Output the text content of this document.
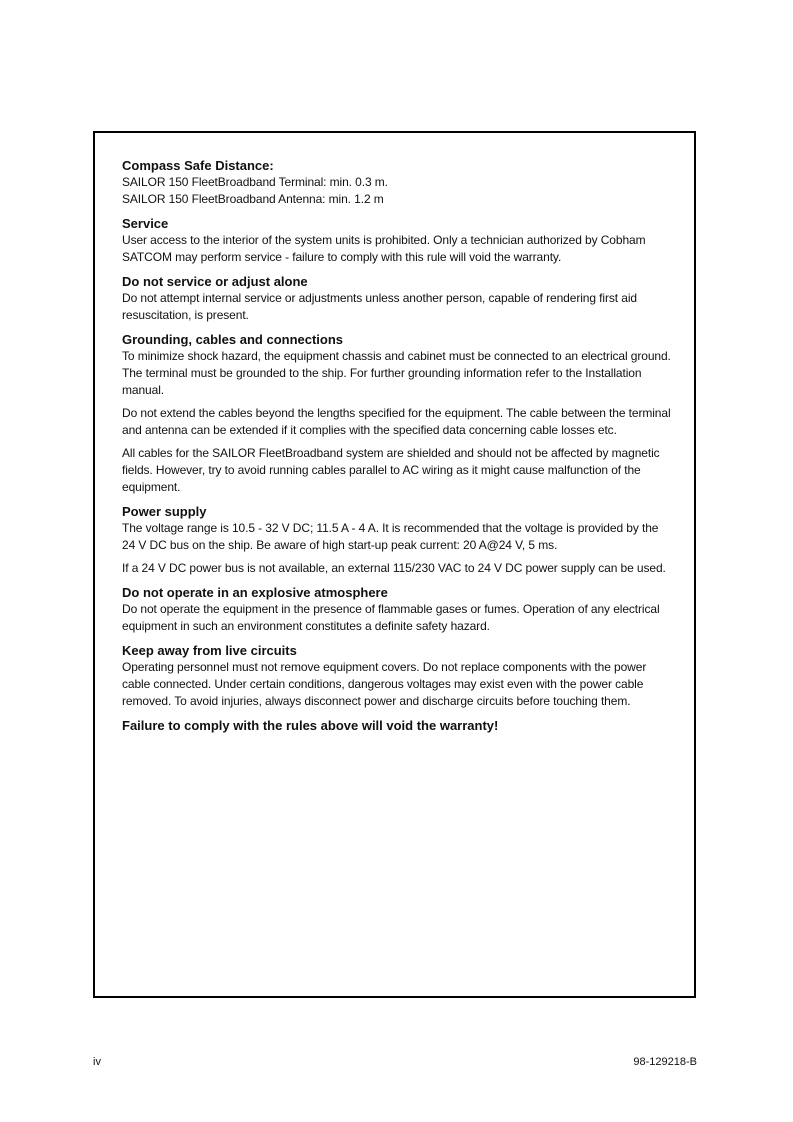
Compass Safe Distance:

SAILOR 150 FleetBroadband Terminal: min. 0.3 m.

SAILOR 150 FleetBroadband Antenna: min. 1.2 m

Service

User access to the interior of the system units is prohibited. Only a technician authorized by Cobham SATCOM may perform service - failure to comply with this rule will void the warranty.

Do not service or adjust alone

Do not attempt internal service or adjustments unless another person, capable of rendering first aid resuscitation, is present.

Grounding, cables and connections

To minimize shock hazard, the equipment chassis and cabinet must be connected to an electrical ground. The terminal must be grounded to the ship. For further grounding information refer to the Installation manual.

Do not extend the cables beyond the lengths specified for the equipment. The cable between the terminal and antenna can be extended if it complies with the specified data concerning cable losses etc.

All cables for the SAILOR FleetBroadband system are shielded and should not be affected by magnetic fields. However, try to avoid running cables parallel to AC wiring as it might cause malfunction of the equipment.

Power supply

The voltage range is 10.5 - 32 V DC; 11.5 A - 4 A. It is recommended that the voltage is provided by the 24 V DC bus on the ship. Be aware of high start-up peak current: 20 A@24 V, 5 ms.

If a 24 V DC power bus is not available, an external 115/230 VAC to 24 V DC power supply can be used.

Do not operate in an explosive atmosphere

Do not operate the equipment in the presence of flammable gases or fumes. Operation of any electrical equipment in such an environment constitutes a definite safety hazard.

Keep away from live circuits

Operating personnel must not remove equipment covers. Do not replace components with the power cable connected. Under certain conditions, dangerous voltages may exist even with the power cable removed. To avoid injuries, always disconnect power and discharge circuits before touching them.

Failure to comply with the rules above will void the warranty!

iv	98-129218-B
